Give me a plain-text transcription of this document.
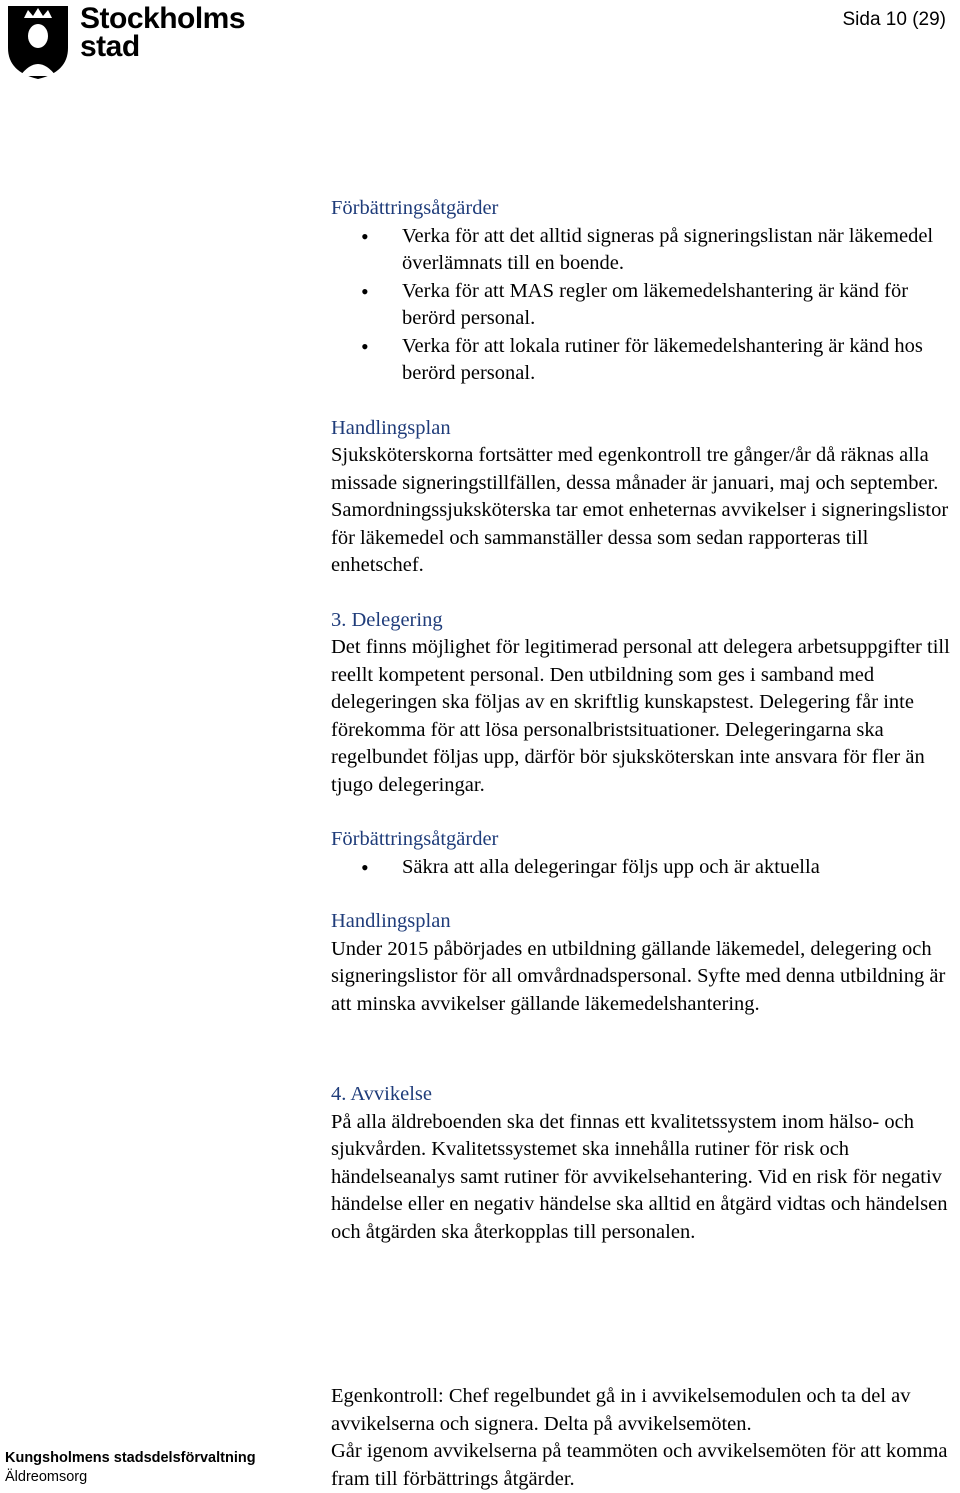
Stockholms
stad
Sida 10 (29)

Förbättringsåtgärder

• Verka för att det alltid signeras på signeringslistan när läkemedel överlämnats till en boende.
• Verka för att MAS regler om läkemedelshantering är känd för berörd personal.
• Verka för att lokala rutiner för läkemedelshantering är känd hos berörd personal.

Handlingsplan

Sjuksköterskorna fortsätter med egenkontroll tre gånger/år då räknas alla missade signeringstillfällen, dessa månader är januari, maj och september.

Samordningssjuksköterska tar emot enheternas avvikelser i signeringslistor för läkemedel och sammanställer dessa som sedan rapporteras till enhetschef.

3. Delegering

Det finns möjlighet för legitimerad personal att delegera arbetsuppgifter till reellt kompetent personal. Den utbildning som ges i samband med delegeringen ska följas av en skriftlig kunskapstest. Delegering får inte förekomma för att lösa personalbristsituationer. Delegeringarna ska regelbundet följas upp, därför bör sjuksköterskan inte ansvara för fler än tjugo delegeringar.

Förbättringsåtgärder

• Säkra att alla delegeringar följs upp och är aktuella

Handlingsplan

Under 2015 påbörjades en utbildning gällande läkemedel, delegering och signeringslistor för all omvårdnadspersonal. Syfte med denna utbildning är att minska avvikelser gällande läkemedelshantering.

4. Avvikelse

På alla äldreboenden ska det finnas ett kvalitetssystem inom hälso- och sjukvården. Kvalitetssystemet ska innehålla rutiner för risk och händelseanalys samt rutiner för avvikelsehantering. Vid en risk för negativ händelse eller en negativ händelse ska alltid en åtgärd vidtas och händelsen och åtgärden ska återkopplas till personalen.

Egenkontroll: Chef regelbundet gå in i avvikelsemodulen och ta del av avvikelserna och signera. Delta på avvikelsemöten.

Går igenom avvikelserna på teammöten och avvikelsemöten för att komma fram till förbättrings åtgärder.

Kungsholmens stadsdelsförvaltning
Äldreomsorg
